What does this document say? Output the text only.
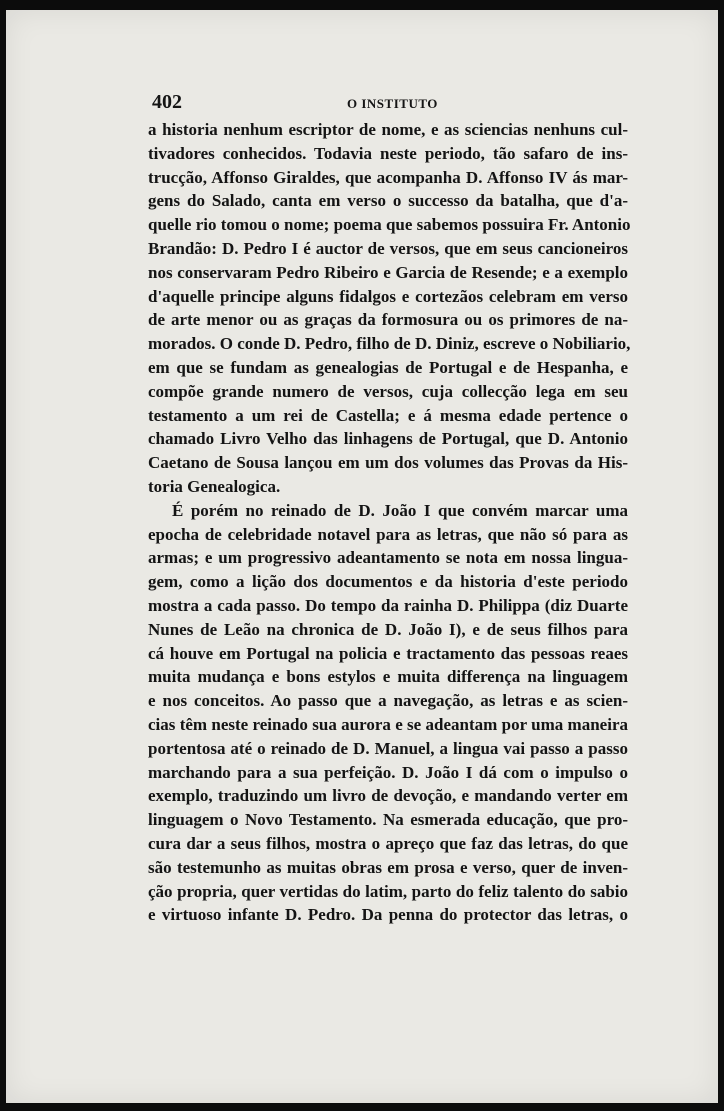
402	O INSTITUTO
a historia nenhum escriptor de nome, e as sciencias nenhuns cul-
tivadores conhecidos. Todavia neste periodo, tão safaro de ins-
trucção, Affonso Giraldes, que acompanha D. Affonso IV ás mar-
gens do Salado, canta em verso o successo da batalha, que d'a-
quelle rio tomou o nome; poema que sabemos possuira Fr. Antonio
Brandão: D. Pedro I é auctor de versos, que em seus cancioneiros
nos conservaram Pedro Ribeiro e Garcia de Resende; e a exemplo
d'aquelle principe alguns fidalgos e cortezãos celebram em verso
de arte menor ou as graças da formosura ou os primores de na-
morados. O conde D. Pedro, filho de D. Diniz, escreve o Nobiliario,
em que se fundam as genealogias de Portugal e de Hespanha, e
compõe grande numero de versos, cuja collecção lega em seu
testamento a um rei de Castella; e á mesma edade pertence o
chamado Livro Velho das linhagens de Portugal, que D. Antonio
Caetano de Sousa lançou em um dos volumes das Provas da His-
toria Genealogica.
É porém no reinado de D. João I que convém marcar uma
epocha de celebridade notavel para as letras, que não só para as
armas; e um progressivo adeantamento se nota em nossa lingua-
gem, como a lição dos documentos e da historia d'este periodo
mostra a cada passo. Do tempo da rainha D. Philippa (diz Duarte
Nunes de Leão na chronica de D. João I), e de seus filhos para
cá houve em Portugal na policia e tractamento das pessoas reaes
muita mudança e bons estylos e muita differença na linguagem
e nos conceitos. Ao passo que a navegação, as letras e as scien-
cias têm neste reinado sua aurora e se adeantam por uma maneira
portentosa até o reinado de D. Manuel, a lingua vai passo a passo
marchando para a sua perfeição. D. João I dá com o impulso o
exemplo, traduzindo um livro de devoção, e mandando verter em
linguagem o Novo Testamento. Na esmerada educação, que pro-
cura dar a seus filhos, mostra o apreço que faz das letras, do que
são testemunho as muitas obras em prosa e verso, quer de inven-
ção propria, quer vertidas do latim, parto do feliz talento do sabio
e virtuoso infante D. Pedro. Da penna do protector das letras, o
